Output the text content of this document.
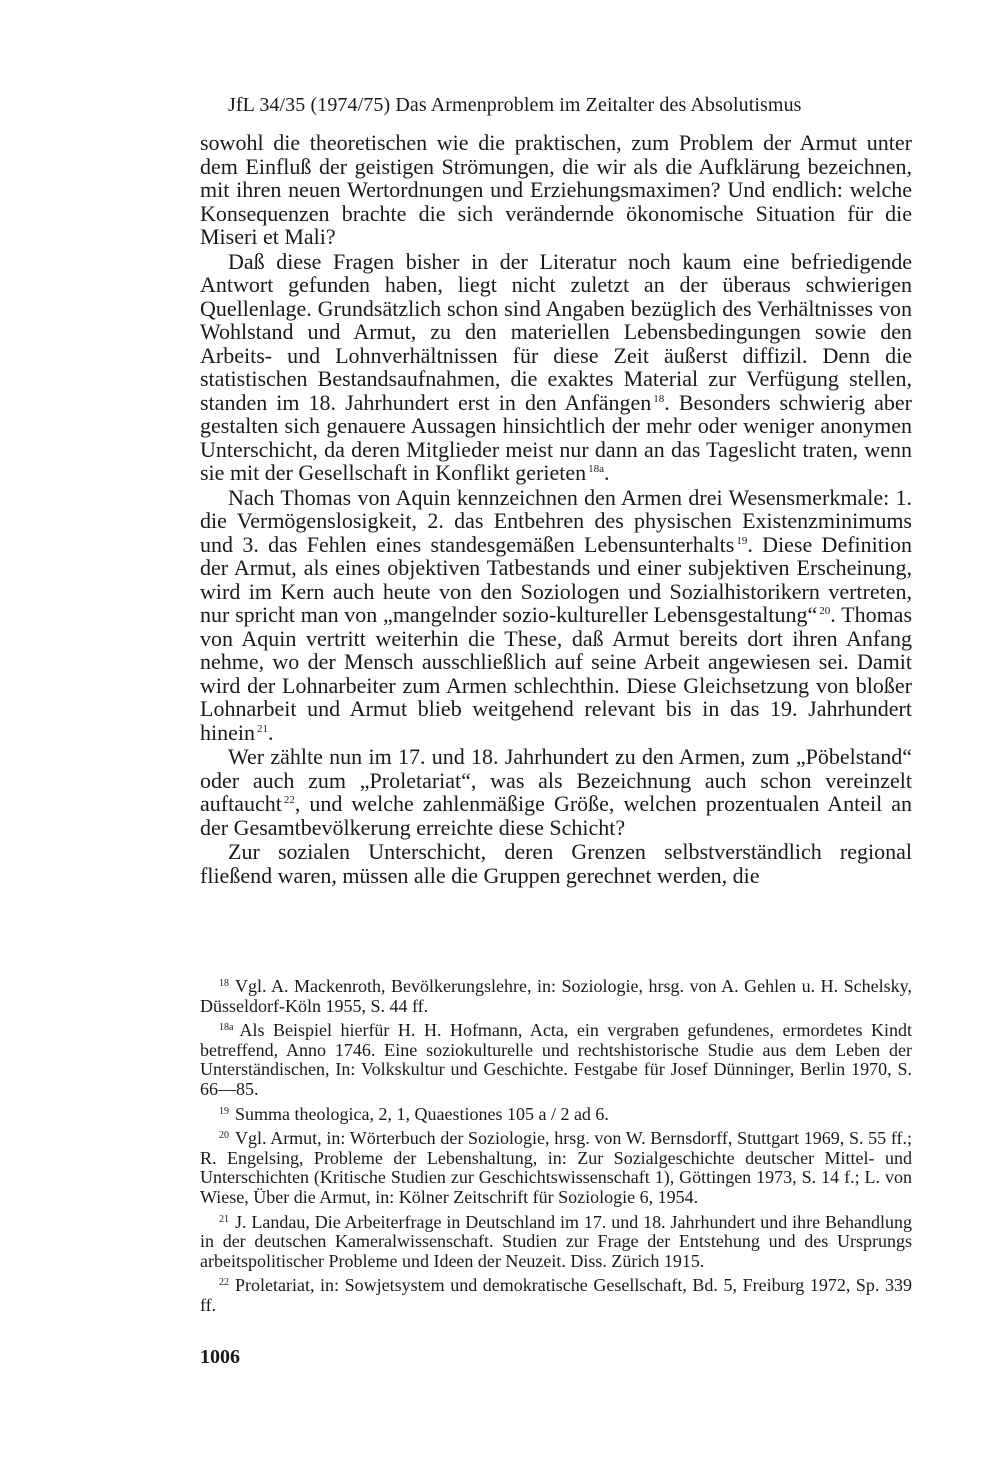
JfL 34/35 (1974/75) Das Armenproblem im Zeitalter des Absolutismus

sowohl die theoretischen wie die praktischen, zum Problem der Armut unter dem Einfluß der geistigen Strömungen, die wir als die Aufklärung bezeichnen, mit ihren neuen Wertordnungen und Erziehungsmaximen? Und endlich: welche Konsequenzen brachte die sich verändernde ökonomische Situation für die Miseri et Mali?

Daß diese Fragen bisher in der Literatur noch kaum eine befriedigende Antwort gefunden haben, liegt nicht zuletzt an der überaus schwierigen Quellenlage. Grundsätzlich schon sind Angaben bezüglich des Verhältnisses von Wohlstand und Armut, zu den materiellen Lebensbedingungen sowie den Arbeits- und Lohnverhältnissen für diese Zeit äußerst diffizil. Denn die statistischen Bestandsaufnahmen, die exaktes Material zur Verfügung stellen, standen im 18. Jahrhundert erst in den Anfängen $^{18}$. Besonders schwierig aber gestalten sich genauere Aussagen hinsichtlich der mehr oder weniger anonymen Unterschicht, da deren Mitglieder meist nur dann an das Tageslicht traten, wenn sie mit der Gesellschaft in Konflikt gerieten $^{18a}$.

Nach Thomas von Aquin kennzeichnen den Armen drei Wesensmerkmale: 1. die Vermögenslosigkeit, 2. das Entbehren des physischen Existenzminimums und 3. das Fehlen eines standesgemäßen Lebensunterhalts $^{19}$. Diese Definition der Armut, als eines objektiven Tatbestands und einer subjektiven Erscheinung, wird im Kern auch heute von den Soziologen und Sozialhistorikern vertreten, nur spricht man von „mangelnder sozio-kultureller Lebensgestaltung“ $^{20}$. Thomas von Aquin vertritt weiterhin die These, daß Armut bereits dort ihren Anfang nehme, wo der Mensch ausschließlich auf seine Arbeit angewiesen sei. Damit wird der Lohnarbeiter zum Armen schlechthin. Diese Gleichsetzung von bloßer Lohnarbeit und Armut blieb weitgehend relevant bis in das 19. Jahrhundert hinein $^{21}$.

Wer zählte nun im 17. und 18. Jahrhundert zu den Armen, zum „Pöbelstand“ oder auch zum „Proletariat“, was als Bezeichnung auch schon vereinzelt auftaucht $^{22}$, und welche zahlenmäßige Größe, welchen prozentualen Anteil an der Gesamtbevölkerung erreichte diese Schicht?

Zur sozialen Unterschicht, deren Grenzen selbstverständlich regional fließend waren, müssen alle die Gruppen gerechnet werden, die

$^{18}$ Vgl. A. Mackenroth, Bevölkerungslehre, in: Soziologie, hrsg. von A. Gehlen u. H. Schelsky, Düsseldorf-Köln 1955, S. 44 ff.

$^{18a}$ Als Beispiel hierfür H. H. Hofmann, Acta, ein vergraben gefundenes, ermordetes Kindt betreffend, Anno 1746. Eine soziokulturelle und rechtshistorische Studie aus dem Leben der Unterständischen, In: Volkskultur und Geschichte. Festgabe für Josef Dünninger, Berlin 1970, S. 66—85.

$^{19}$ Summa theologica, 2, 1, Quaestiones 105 a / 2 ad 6.

$^{20}$ Vgl. Armut, in: Wörterbuch der Soziologie, hrsg. von W. Bernsdorff, Stuttgart 1969, S. 55 ff.; R. Engelsing, Probleme der Lebenshaltung, in: Zur Sozialgeschichte deutscher Mittel- und Unterschichten (Kritische Studien zur Geschichtswissenschaft 1), Göttingen 1973, S. 14 f.; L. von Wiese, Über die Armut, in: Kölner Zeitschrift für Soziologie 6, 1954.

$^{21}$ J. Landau, Die Arbeiterfrage in Deutschland im 17. und 18. Jahrhundert und ihre Behandlung in der deutschen Kameralwissenschaft. Studien zur Frage der Entstehung und des Ursprungs arbeitspolitischer Probleme und Ideen der Neuzeit. Diss. Zürich 1915.

$^{22}$ Proletariat, in: Sowjetsystem und demokratische Gesellschaft, Bd. 5, Freiburg 1972, Sp. 339 ff.

1006
